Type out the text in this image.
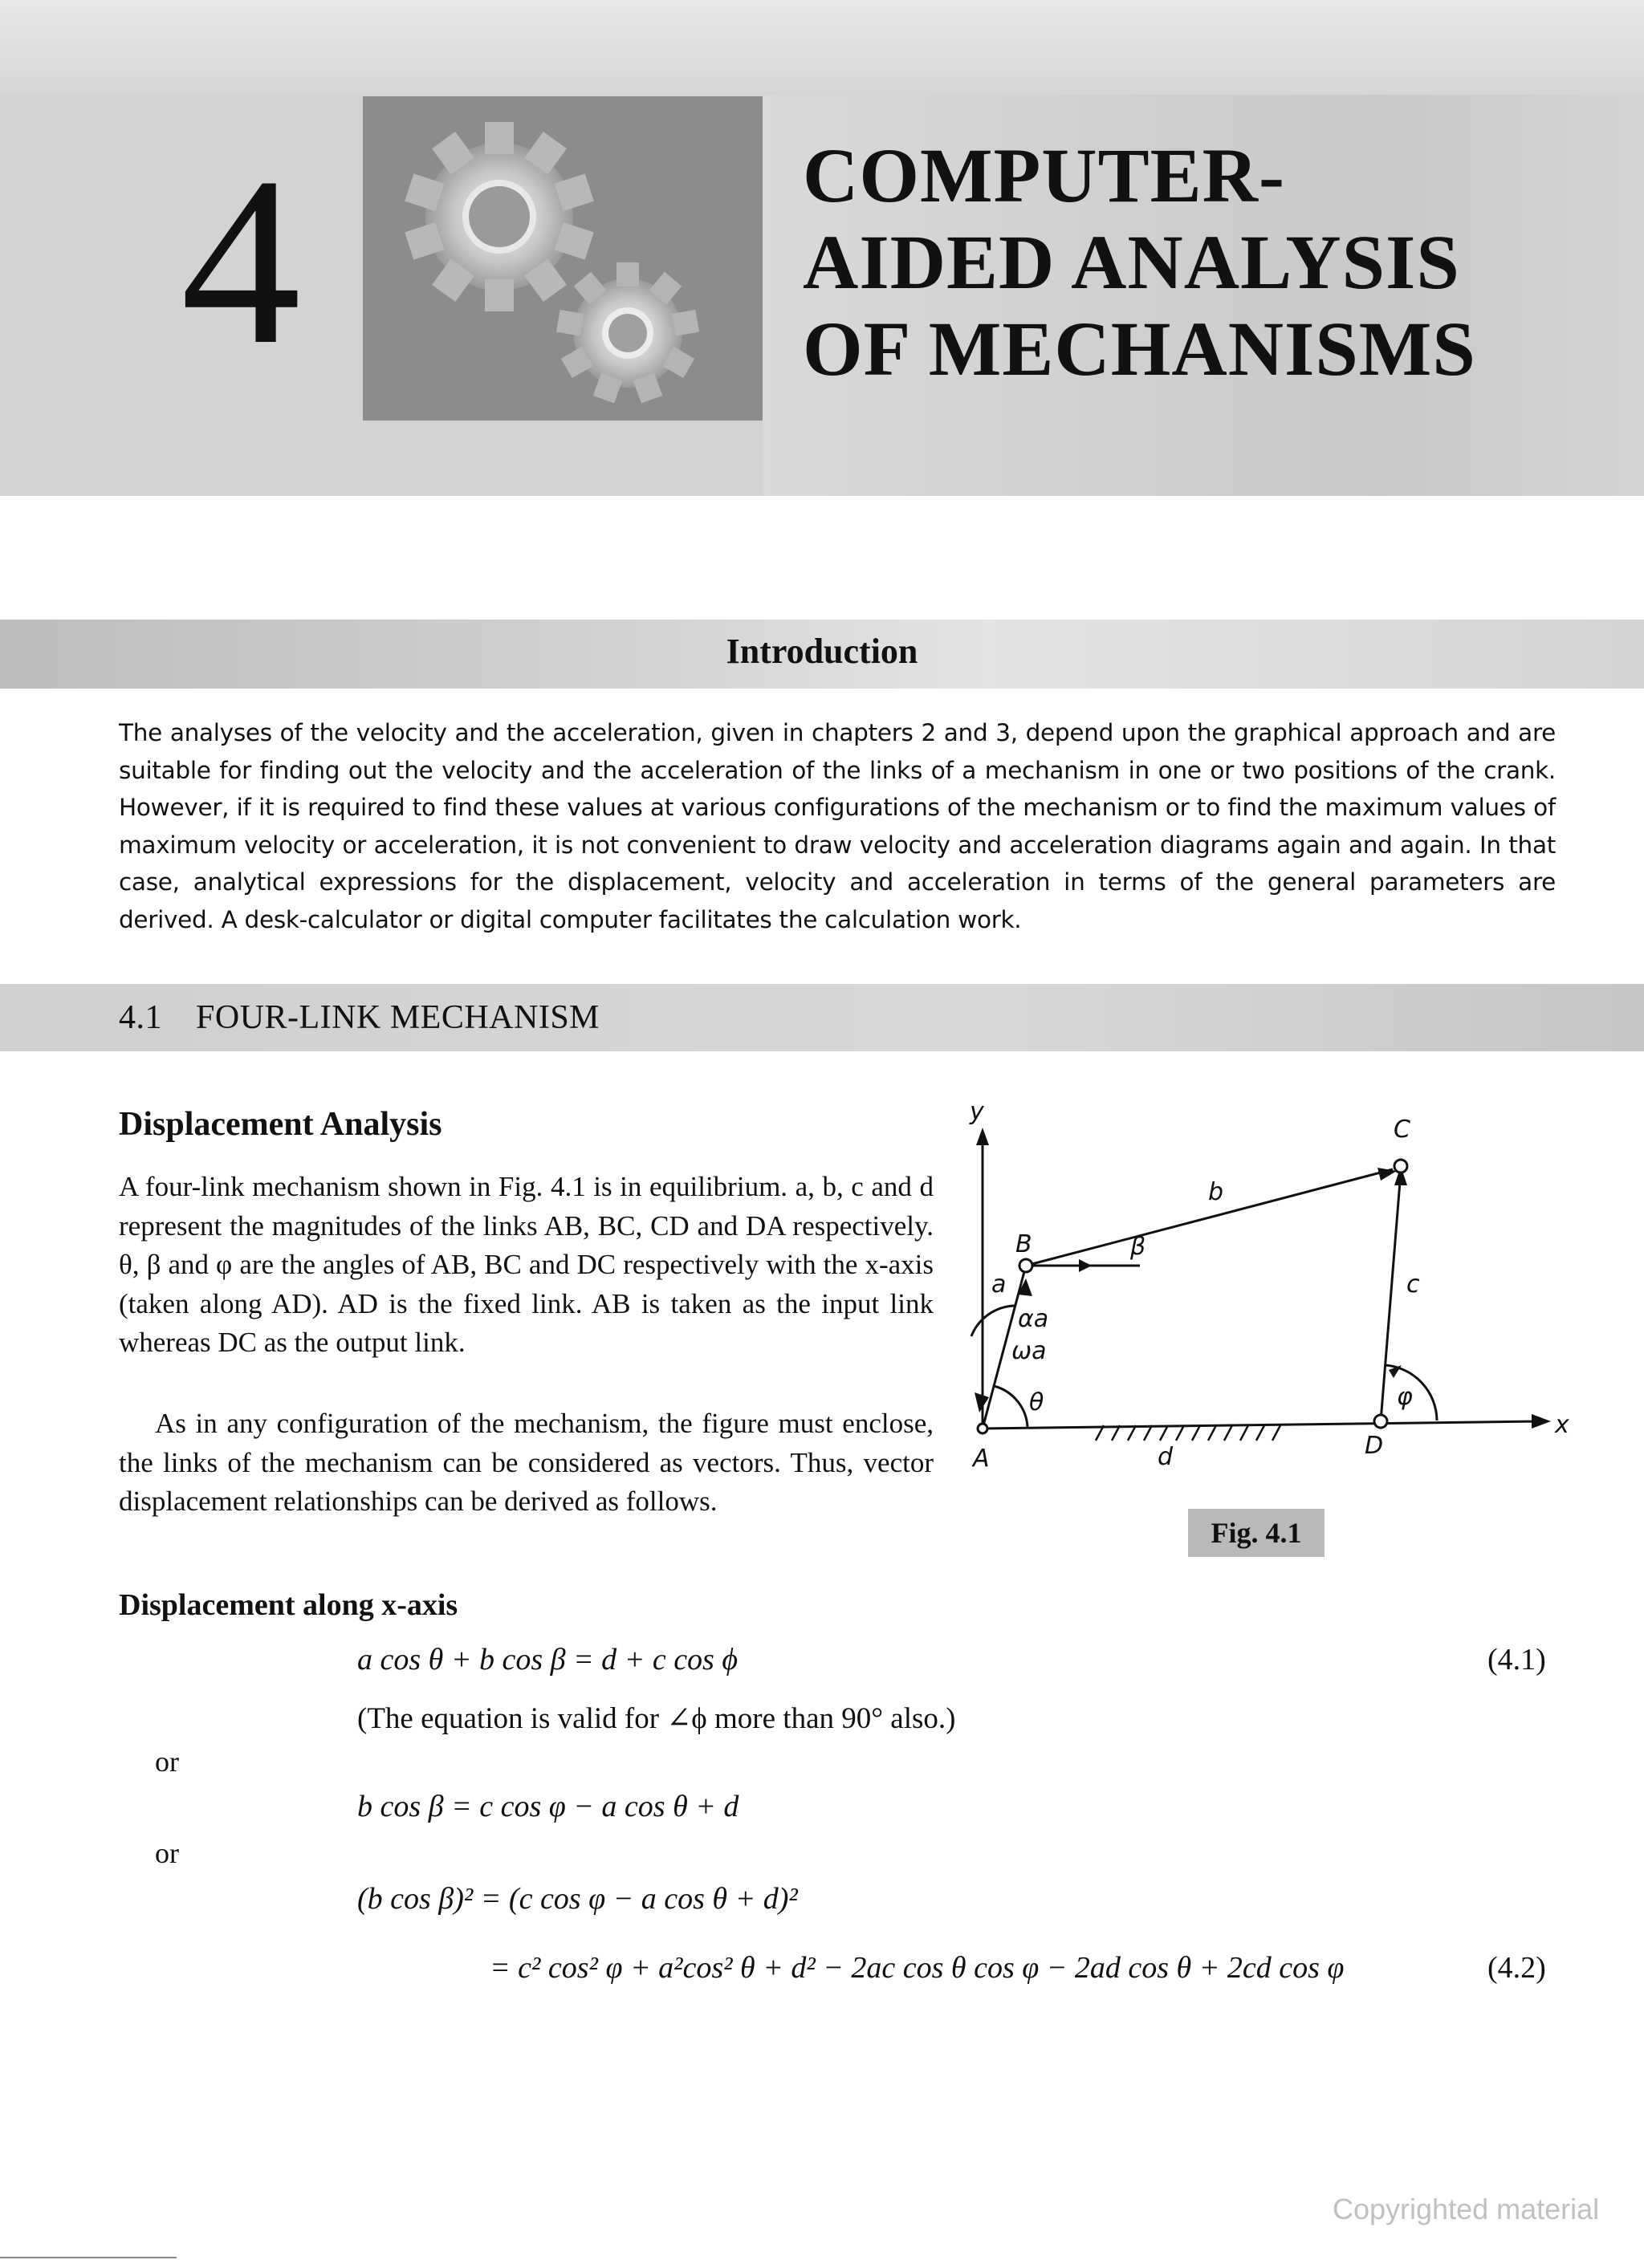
4	COMPUTER-
AIDED ANALYSIS
OF MECHANISMS
Introduction
The analyses of the velocity and the acceleration, given in chapters 2 and 3, depend upon the graphical approach and are suitable for finding out the velocity and the acceleration of the links of a mechanism in one or two positions of the crank. However, if it is required to find these values at various configurations of the mechanism or to find the maximum values of maximum velocity or acceleration, it is not convenient to draw velocity and acceleration diagrams again and again. In that case, analytical expressions for the displacement, velocity and acceleration in terms of the general parameters are derived. A desk-calculator or digital computer facilitates the calculation work.
4.1 FOUR-LINK MECHANISM
Displacement Analysis
A four-link mechanism shown in Fig. 4.1 is in equilibrium. a, b, c and d represent the magnitudes of the links AB, BC, CD and DA respectively. θ, β and φ are the angles of AB, BC and DC respectively with the x-axis (taken along AD). AD is the fixed link. AB is taken as the input link whereas DC as the output link.
As in any configuration of the mechanism, the figure must enclose, the links of the mechanism can be considered as vectors. Thus, vector displacement relationships can be derived as follows.
y
x
A
B
C
D
a
b
c
d
β
θ	φ
αa
ωa
Fig. 4.1
Displacement along x-axis
a cos θ + b cos β = d + c cos ϕ	(4.1)
(The equation is valid for ∠ϕ more than 90° also.)
or
b cos β = c cos φ − a cos θ + d
or
(b cos β)² = (c cos φ − a cos θ + d)²
= c² cos² φ + a²cos² θ + d² − 2ac cos θ cos φ − 2ad cos θ + 2cd cos φ	(4.2)
Copyrighted material
